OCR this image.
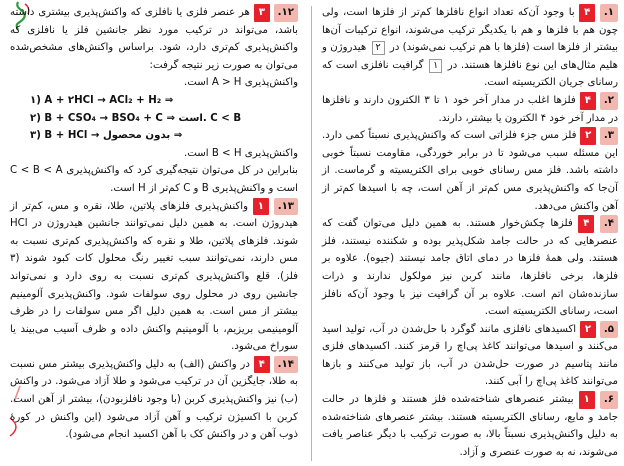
۱. ۴ با وجود آن‌که تعداد انواع نافلزها کم‌تر از فلزها است، ولی چون هم با فلزها و هم با یکدیگر ترکیب می‌شوند، انواع ترکیبات آن‌ها بیشتر از فلزها است (فلزها با هم ترکیب نمی‌شوند) در ۲ هیدروژن و هلیم مثال‌های این نوع نافلزها هستند. در ۱ گرافیت نافلزی است که رسانای جریان الکتریسیته است.

۲. ۴ فلزها اغلب در مدار آخر خود ۱ تا ۳ الکترون دارند و نافلزها در مدار آخر خود ۴ الکترون یا بیشتر، دارند.

۳. ۲ فلز مس جزء فلزاتی است که واکنش‌پذیری نسبتاً کمی دارد. این مسئله سبب می‌شود تا در برابر خوردگی، مقاومت نسبتاً خوبی داشته باشد. فلز مس رسانای خوبی برای الکتریسیته و گرماست. از آن‌جا که واکنش‌پذیری مس کم‌تر از آهن است، چه با اسیدها کم‌تر از آهن واکنش می‌دهد.

۴. ۴ فلزها چکش‌خوار هستند. به همین دلیل می‌توان گفت که عنصرهایی که در حالت جامد شکل‌پذیر بوده و شکننده نیستند، فلز هستند. ولی همهٔ فلزها در دمای اتاق جامد نیستند (جیوه). علاوه بر فلزها، برخی نافلزها، مانند کربن نیز مولکول ندارند و ذرات سازنده‌شان اتم است. علاوه بر آن گرافیت نیز با وجود آن‌که نافلز است، رسانای الکتریسیته است.

۵. ۲ اکسیدهای نافلزی مانند گوگرد با حل‌شدن در آب، تولید اسید می‌کنند و اسیدها می‌توانند کاغذ پی‌اچ را قرمز کنند. اکسیدهای فلزی مانند پتاسیم در صورت حل‌شدن در آب، باز تولید می‌کنند و بازها می‌توانند کاغذ پی‌اچ را آبی کنند.

۶. ۱ بیشتر عنصرهای شناخته‌شده فلز هستند و فلزها در حالت جامد و مایع، رسانای الکتریسیته هستند. بیشتر عنصرهای شناخته‌شده به دلیل واکنش‌پذیری نسبتاً بالا، به صورت ترکیب با دیگر عناصر یافت می‌شوند، نه به صورت عنصری و آزاد.

۱۲. ۳ هر عنصر فلزی یا نافلزی که واکنش‌پذیری بیشتری داشته باشد، می‌تواند در ترکیب مورد نظر جانشین فلز یا نافلزی که واکنش‌پذیری کم‌تری دارد، شود. براساس واکنش‌های مشخص‌شده می‌توان به صورت زیر نتیجه گرفت:

واکنش‌پذیری A > H است.

۱) A + ۲HCl → ACl₂ + H₂ ⇒

۲) B + CSO₄ → BSO₄ + C ⇒ است. C < B

۳) B + HCl → بدون محصول ⇒

واکنش‌پذیری B < H است.

بنابراین در کل می‌توان نتیجه‌گیری کرد که واکنش‌پذیری C < B < A است و واکنش‌پذیری B و C کم‌تر از H است.

۱۳. ۱ واکنش‌پذیری فلزهای پلاتین، طلا، نقره و مس، کم‌تر از هیدروژن است. به همین دلیل نمی‌توانند جانشین هیدروژن در HCl شوند. فلزهای پلاتین، طلا و نقره که واکنش‌پذیری کم‌تری نسبت به مس دارند، نمی‌توانند سبب تغییر رنگ محلول کات کبود شوند (۳ فلز). قلع واکنش‌پذیری کم‌تری نسبت به روی دارد و نمی‌تواند جانشین روی در محلول روی سولفات شود. واکنش‌پذیری آلومینیم بیشتر از مس است. به همین دلیل اگر مس سولفات را در ظرف آلومینیمی بریزیم، با آلومینیم واکنش داده و ظرف آسیب می‌بیند یا سوراخ می‌شود.

۱۴. ۴ در واکنش (الف) به دلیل واکنش‌پذیری بیشتر مس نسبت به طلا، جایگزین آن در ترکیب می‌شود و طلا آزاد می‌شود. در واکنش (ب) نیز واکنش‌پذیری کربن (با وجود نافلزبودن)، بیشتر از آهن است. کربن با اکسیژن ترکیب و آهن آزاد می‌شود (این واکنش در کورهٔ ذوب آهن و در واکنش کک با آهن اکسید انجام می‌شود).
